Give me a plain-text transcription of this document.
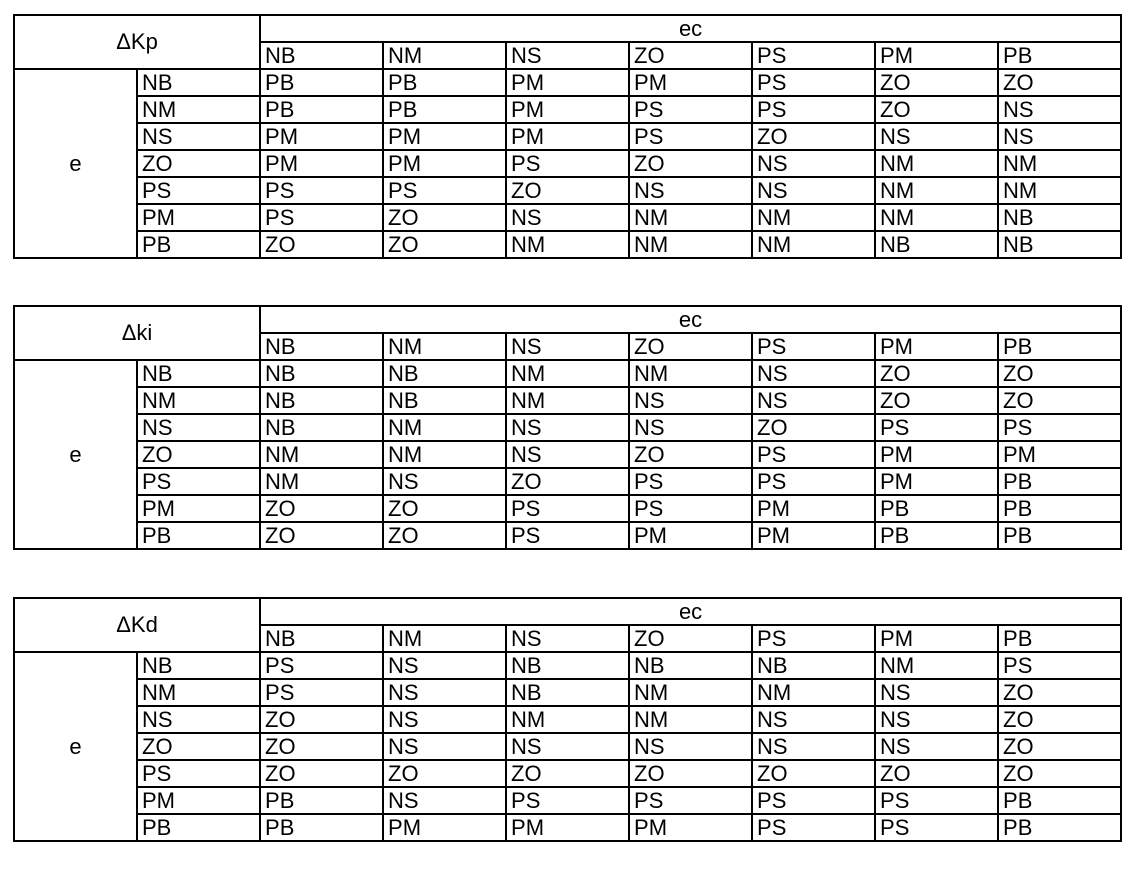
ΔKp		ec						
		NB	NM	NS	ZO	PS	PM	PB
e	NB	PB	PB	PM	PM	PS	ZO	ZO
	NM	PB	PB	PM	PS	PS	ZO	NS
	NS	PM	PM	PM	PS	ZO	NS	NS
	ZO	PM	PM	PS	ZO	NS	NM	NM
	PS	PS	PS	ZO	NS	NS	NM	NM
	PM	PS	ZO	NS	NM	NM	NM	NB
	PB	ZO	ZO	NM	NM	NM	NB	NB
Δki		ec						
		NB	NM	NS	ZO	PS	PM	PB
e	NB	NB	NB	NM	NM	NS	ZO	ZO
	NM	NB	NB	NM	NS	NS	ZO	ZO
	NS	NB	NM	NS	NS	ZO	PS	PS
	ZO	NM	NM	NS	ZO	PS	PM	PM
	PS	NM	NS	ZO	PS	PS	PM	PB
	PM	ZO	ZO	PS	PS	PM	PB	PB
	PB	ZO	ZO	PS	PM	PM	PB	PB
ΔKd		ec						
		NB	NM	NS	ZO	PS	PM	PB
e	NB	PS	NS	NB	NB	NB	NM	PS
	NM	PS	NS	NB	NM	NM	NS	ZO
	NS	ZO	NS	NM	NM	NS	NS	ZO
	ZO	ZO	NS	NS	NS	NS	NS	ZO
	PS	ZO	ZO	ZO	ZO	ZO	ZO	ZO
	PM	PB	NS	PS	PS	PS	PS	PB
	PB	PB	PM	PM	PM	PS	PS	PB
